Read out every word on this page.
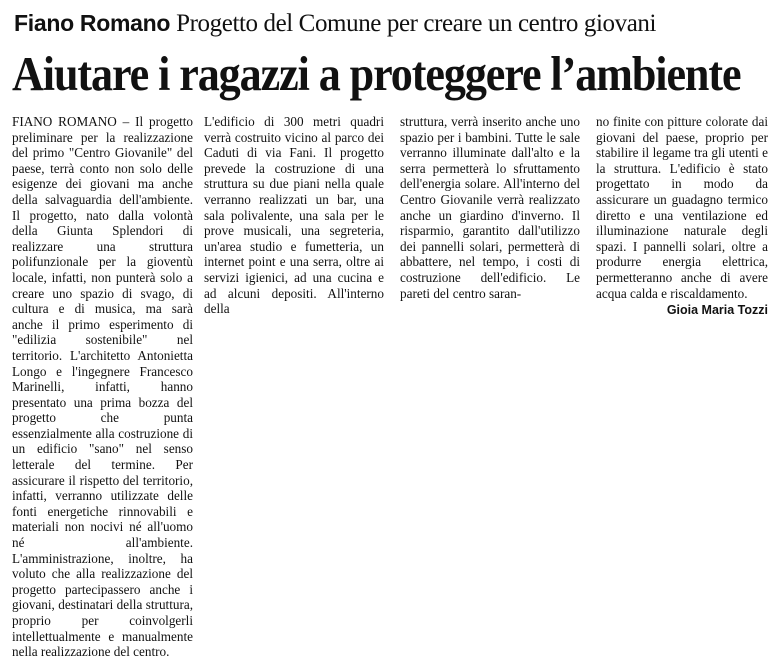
Fiano Romano Progetto del Comune per creare un centro giovani
Aiutare i ragazzi a proteggere l’ambiente

FIANO ROMANO – Il progetto preliminare per la realizzazione del primo "Centro Giovanile" del paese, terrà conto non solo delle esigenze dei giovani ma anche della salvaguardia dell'ambiente. Il progetto, nato dalla volontà della Giunta Splendori di realizzare una struttura polifunzionale per la gioventù locale, infatti, non punterà solo a creare uno spazio di svago, di cultura e di musica, ma sarà anche il primo esperimento di "edilizia sostenibile" nel territorio. L'architetto Antonietta Longo e l'ingegnere Francesco Marinelli, infatti, hanno presentato una prima bozza del progetto che punta essenzialmente alla costruzione di un edificio "sano" nel senso letterale del termine. Per assicurare il rispetto del territorio, infatti, verranno utilizzate delle fonti energetiche rinnovabili e materiali non nocivi né all'uomo né all'ambiente. L'amministrazione, inoltre, ha voluto che alla realizzazione del progetto partecipassero anche i giovani, destinatari della struttura, proprio per coinvolgerli intellettualmente e manualmente nella realizzazione del centro.

L'edificio di 300 metri quadri verrà costruito vicino al parco dei Caduti di via Fani. Il progetto prevede la costruzione di una struttura su due piani nella quale verranno realizzati un bar, una sala polivalente, una sala per le prove musicali, una segreteria, un'area studio e fumetteria, un internet point e una serra, oltre ai servizi igienici, ad una cucina e ad alcuni depositi. All'interno della

struttura, verrà inserito anche uno spazio per i bambini. Tutte le sale verranno illuminate dall'alto e la serra permetterà lo sfruttamento dell'energia solare. All'interno del Centro Giovanile verrà realizzato anche un giardino d'inverno. Il risparmio, garantito dall'utilizzo dei pannelli solari, permetterà di abbattere, nel tempo, i costi di costruzione dell'edificio. Le pareti del centro saran-

no finite con pitture colorate dai giovani del paese, proprio per stabilire il legame tra gli utenti e la struttura. L'edificio è stato progettato in modo da assicurare un guadagno termico diretto e una ventilazione ed illuminazione naturale degli spazi. I pannelli solari, oltre a produrre energia elettrica, permetteranno anche di avere acqua calda e riscaldamento.

Gioia Maria Tozzi
